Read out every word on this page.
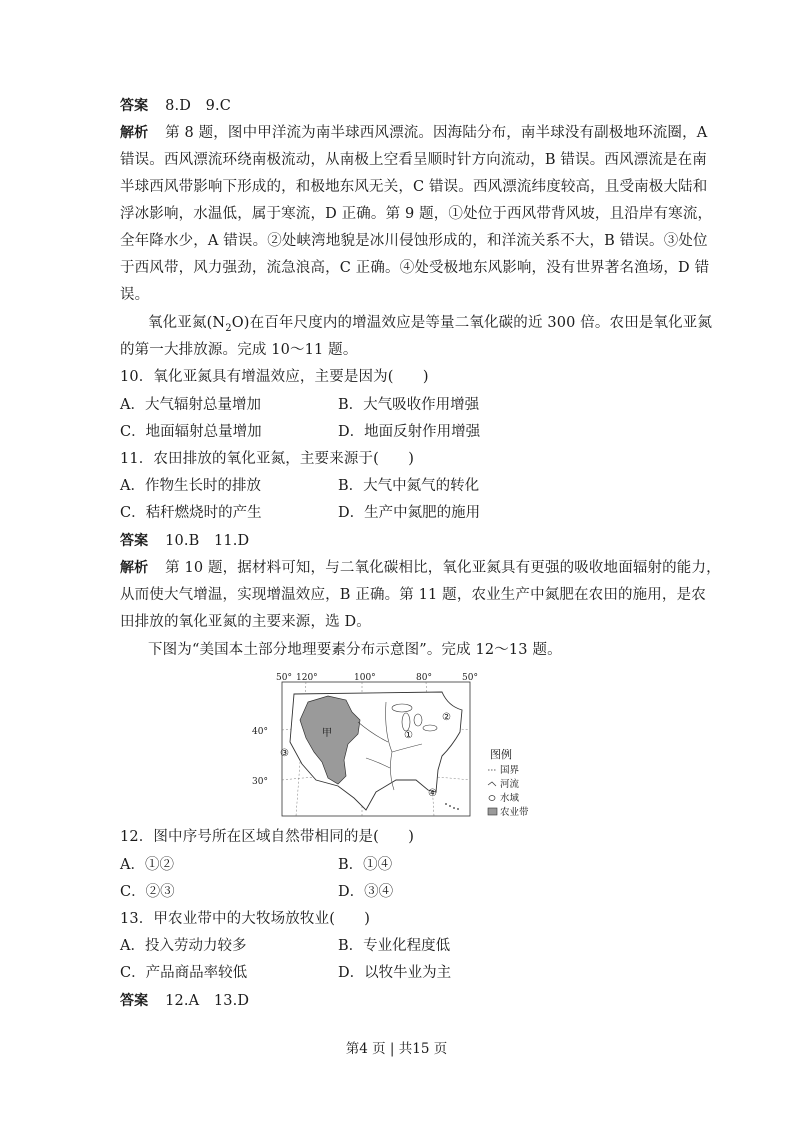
答案 8.D　9.C
解析 第 8 题，图中甲洋流为南半球西风漂流。因海陆分布，南半球没有副极地环流圈，A
错误。西风漂流环绕南极流动，从南极上空看呈顺时针方向流动，B 错误。西风漂流是在南
半球西风带影响下形成的，和极地东风无关，C 错误。西风漂流纬度较高，且受南极大陆和
浮冰影响，水温低，属于寒流，D 正确。第 9 题，①处位于西风带背风坡，且沿岸有寒流，
全年降水少，A 错误。②处峡湾地貌是冰川侵蚀形成的，和洋流关系不大，B 错误。③处位
于西风带，风力强劲，流急浪高，C 正确。④处受极地东风影响，没有世界著名渔场，D 错
误。
氧化亚氮$(N_2O)$在百年尺度内的增温效应是等量二氧化碳的近 300 倍。农田是氧化亚氮
的第一大排放源。完成 10～11 题。
10．氧化亚氮具有增温效应，主要是因为(　　)
A．大气辐射总量增加	B．大气吸收作用增强
C．地面辐射总量增加	D．地面反射作用增强
11．农田排放的氧化亚氮，主要来源于(　　)
A．作物生长时的排放	B．大气中氮气的转化
C．秸秆燃烧时的产生	D．生产中氮肥的施用
答案 10.B　11.D
解析 第 10 题，据材料可知，与二氧化碳相比，氧化亚氮具有更强的吸收地面辐射的能力，
从而使大气增温，实现增温效应，B 正确。第 11 题，农业生产中氮肥在农田的施用，是农
田排放的氧化亚氮的主要来源，选 D。
下图为“美国本土部分地理要素分布示意图”。完成 12～13 题。
50° 120°	100°	80°	50°
40°
30°
甲	①
②
③
④
图例
国界
河流
水域
农业带
12．图中序号所在区域自然带相同的是(　　)
A．①②	B．①④
C．②③	D．③④
13．甲农业带中的大牧场放牧业(　　)
A．投入劳动力较多	B．专业化程度低
C．产品商品率较低	D．以牧牛业为主
答案 12.A　13.D
第4 页 | 共15 页
